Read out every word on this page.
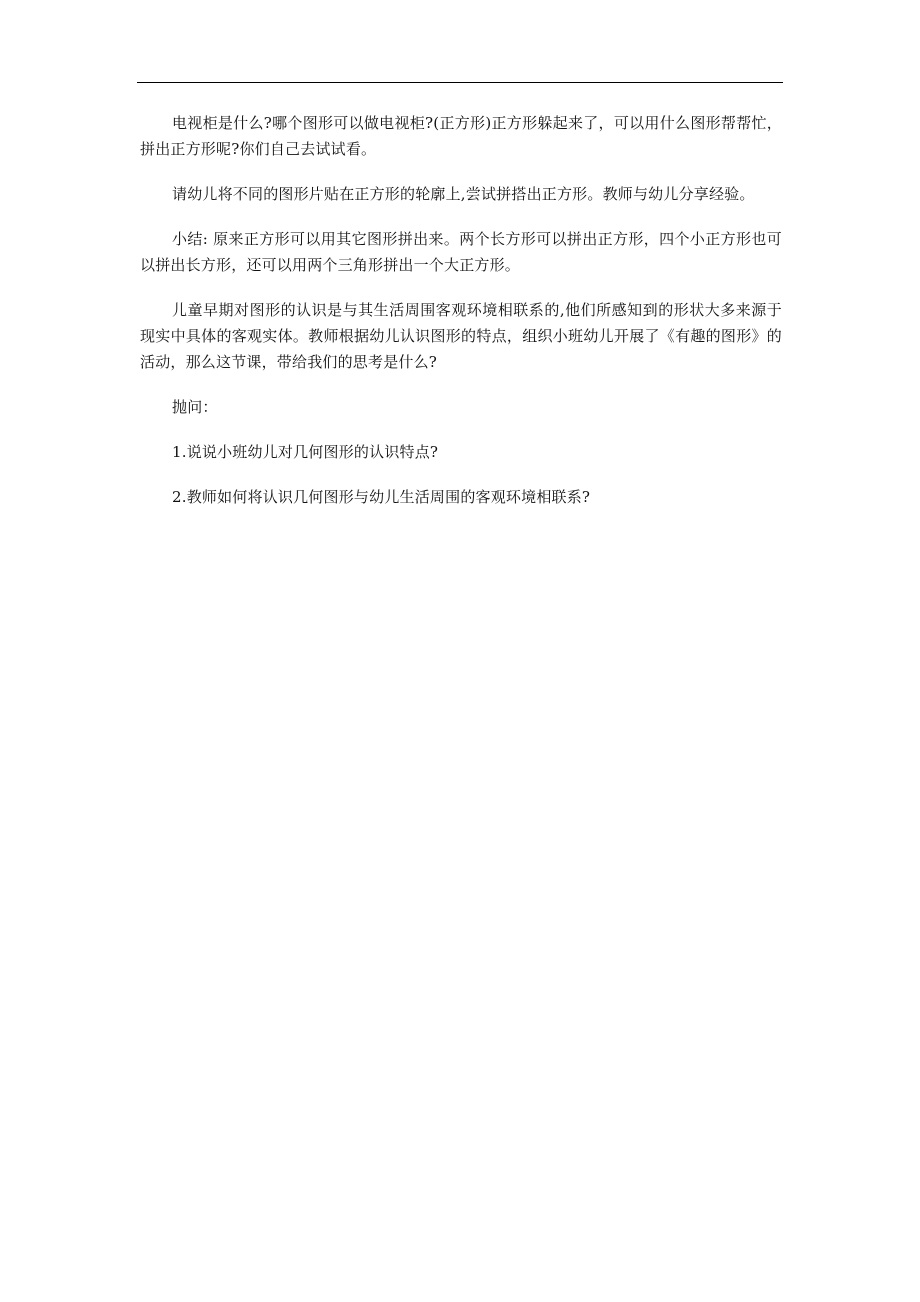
电视柜是什么?哪个图形可以做电视柜?(正方形)正方形躲起来了，可以用什么图形帮帮忙，拼出正方形呢?你们自己去试试看。

请幼儿将不同的图形片贴在正方形的轮廓上,尝试拼搭出正方形。教师与幼儿分享经验。

小结: 原来正方形可以用其它图形拼出来。两个长方形可以拼出正方形，四个小正方形也可以拼出长方形，还可以用两个三角形拼出一个大正方形。

儿童早期对图形的认识是与其生活周围客观环境相联系的,他们所感知到的形状大多来源于现实中具体的客观实体。教师根据幼儿认识图形的特点，组织小班幼儿开展了《有趣的图形》的活动，那么这节课，带给我们的思考是什么?

抛问：

1.说说小班幼儿对几何图形的认识特点?

2.教师如何将认识几何图形与幼儿生活周围的客观环境相联系?
